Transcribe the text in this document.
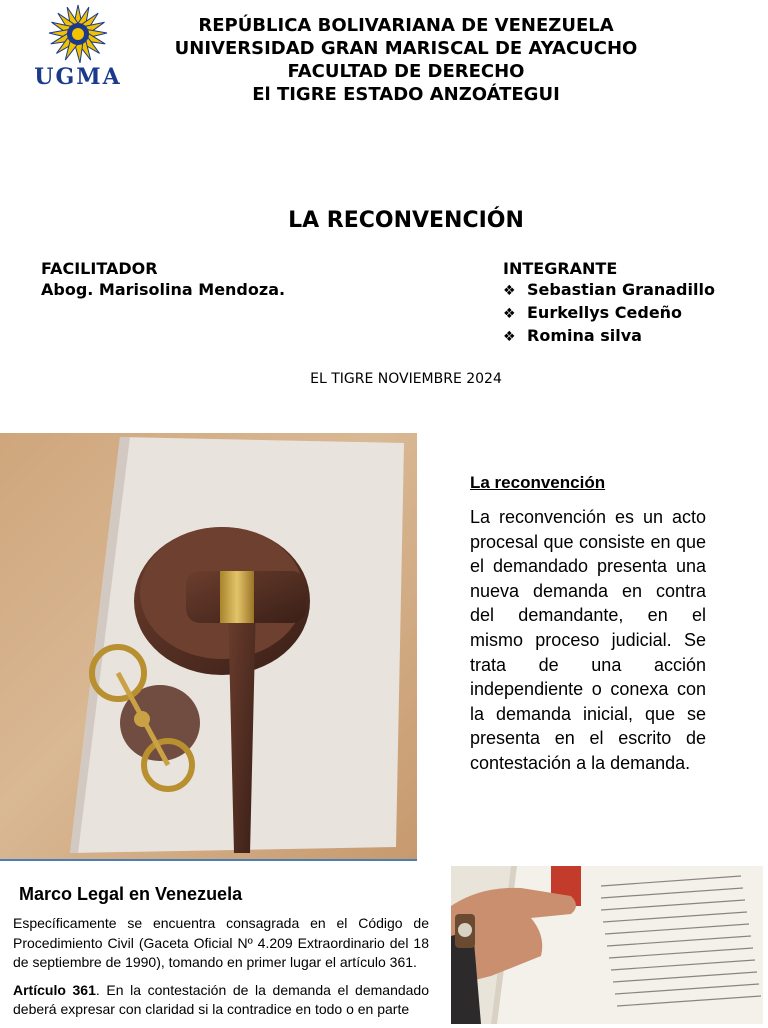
UGMA
REPÚBLICA BOLIVARIANA DE VENEZUELA
UNIVERSIDAD GRAN MARISCAL DE AYACUCHO
FACULTAD DE DERECHO
El TIGRE ESTADO ANZOÁTEGUI
LA RECONVENCIÓN
FACILITADOR
Abog. Marisolina Mendoza.
INTEGRANTE
❖ Sebastian Granadillo
❖ Eurkellys Cedeño
❖ Romina silva
EL TIGRE NOVIEMBRE 2024
La reconvención
La reconvención es un acto procesal que consiste en que el demandado presenta una nueva demanda en contra del demandante, en el mismo proceso judicial. Se trata de una acción independiente o conexa con la demanda inicial, que se presenta en el escrito de contestación a la demanda.
Marco Legal en Venezuela

Específicamente se encuentra consagrada en el Código de Procedimiento Civil (Gaceta Oficial Nº 4.209 Extraordinario del 18 de septiembre de 1990), tomando en primer lugar el artículo 361.

Artículo 361. En la contestación de la demanda el demandado deberá expresar con claridad si la contradice en todo o en parte
